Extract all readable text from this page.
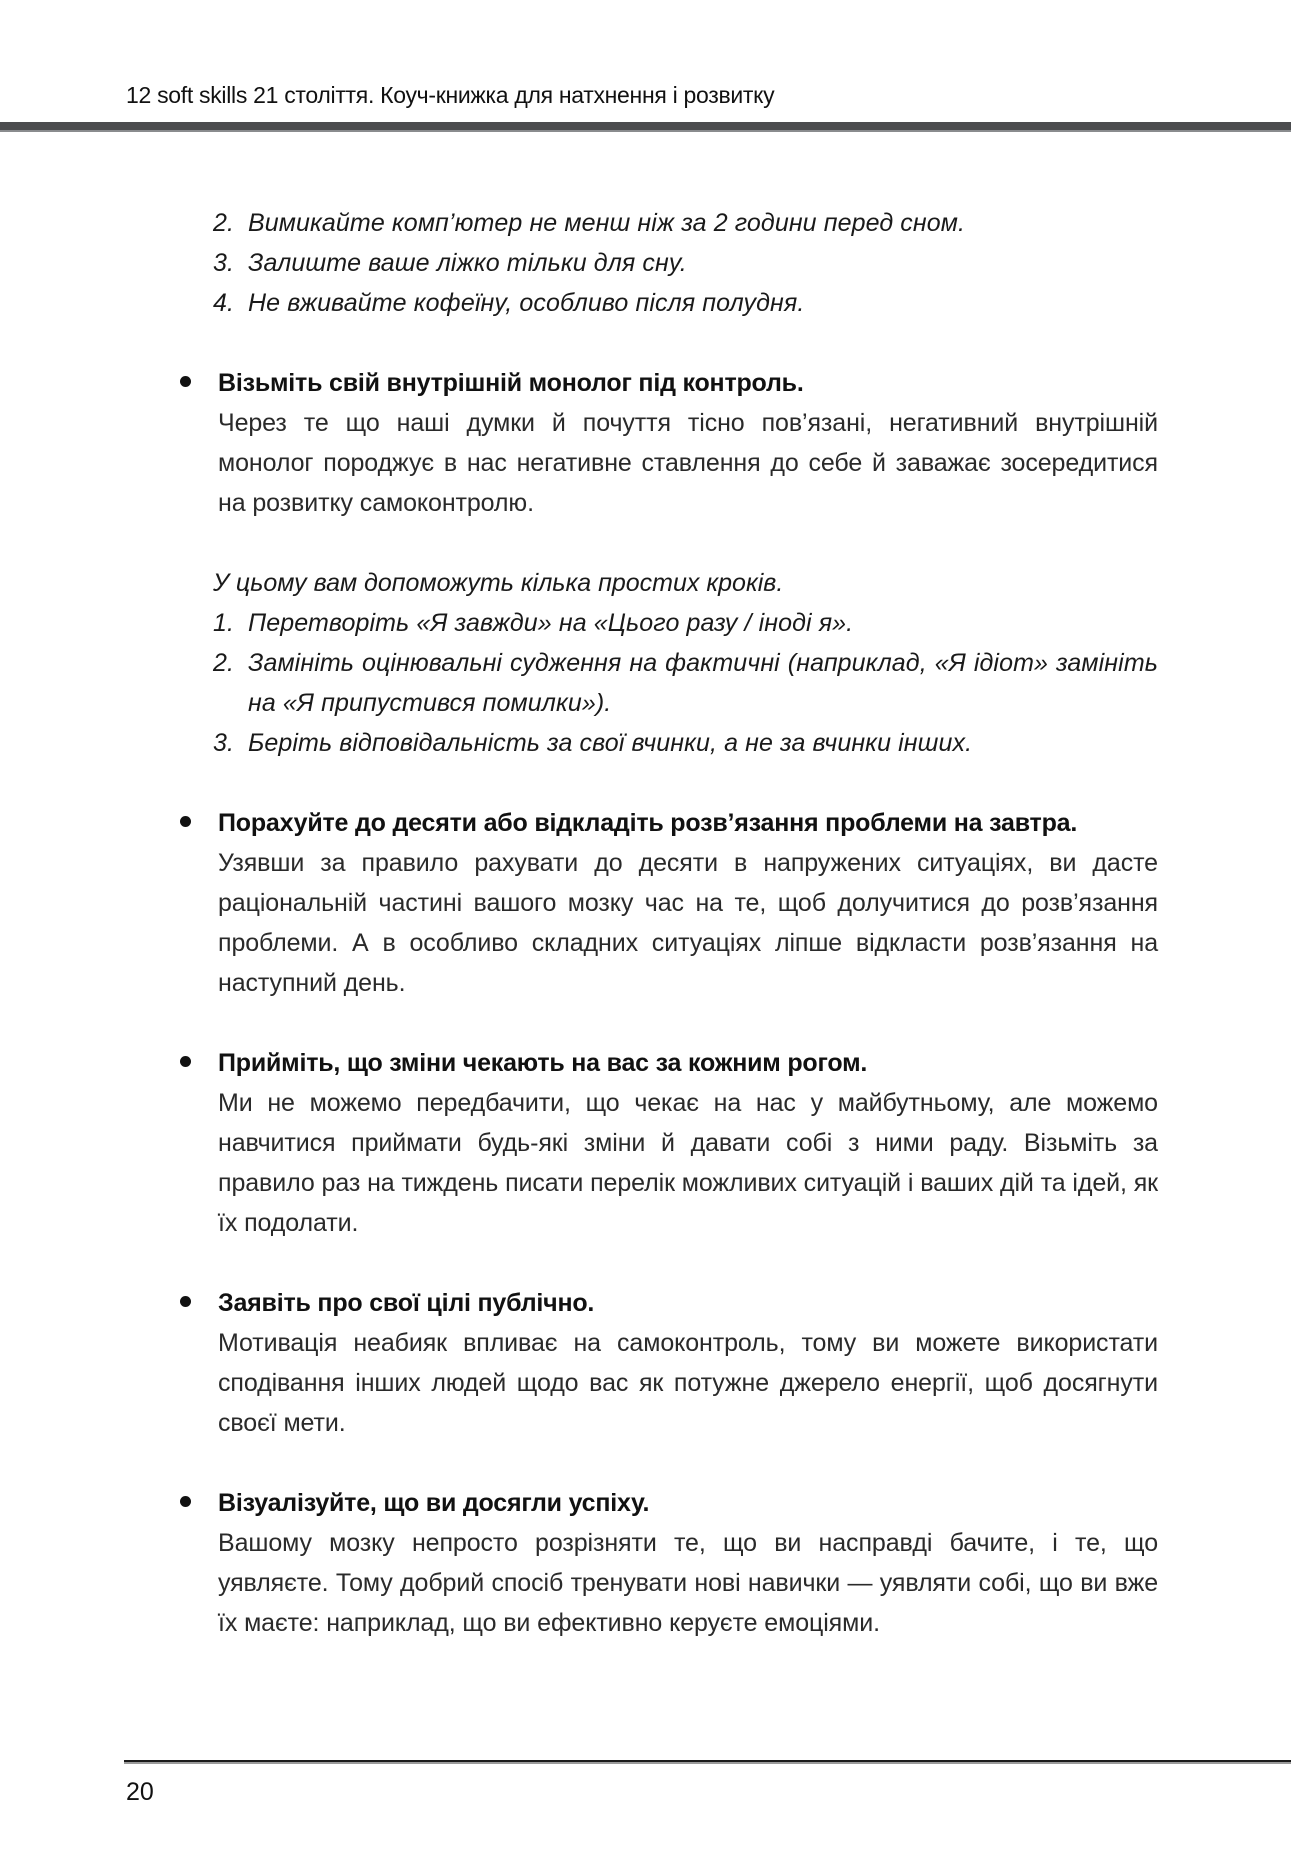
12 soft skills 21 століття. Коуч-книжка для натхнення і розвитку
2. Вимикайте комп’ютер не менш ніж за 2 години перед сном.
3. Залиште ваше ліжко тільки для сну.
4. Не вживайте кофеїну, особливо після полудня.

Візьміть свій внутрішній монолог під контроль.

Через те що наші думки й почуття тісно пов’язані, негативний внутрішній монолог породжує в нас негативне ставлення до себе й заважає зосередитися на розвитку самоконтролю.

У цьому вам допоможуть кілька простих кроків.

1. Перетворіть «Я завжди» на «Цього разу / іноді я».
2. Замініть оцінювальні судження на фактичні (наприклад, «Я ідіот» замініть на «Я припустився помилки»).
3. Беріть відповідальність за свої вчинки, а не за вчинки інших.

Порахуйте до десяти або відкладіть розв’язання проблеми на завтра.

Узявши за правило рахувати до десяти в напружених ситуаціях, ви дасте раціональній частині вашого мозку час на те, щоб долучитися до розв’язання проблеми. А в особливо складних ситуаціях ліпше відкласти розв’язання на наступний день.

Прийміть, що зміни чекають на вас за кожним рогом.

Ми не можемо передбачити, що чекає на нас у майбутньому, але можемо навчитися приймати будь-які зміни й давати собі з ними раду. Візьміть за правило раз на тиждень писати перелік можливих ситуацій і ваших дій та ідей, як їх подолати.

Заявіть про свої цілі публічно.

Мотивація неабияк впливає на самоконтроль, тому ви можете використати сподівання інших людей щодо вас як потужне джерело енергії, щоб досягнути своєї мети.

Візуалізуйте, що ви досягли успіху.

Вашому мозку непросто розрізняти те, що ви насправді бачите, і те, що уявляєте. Тому добрий спосіб тренувати нові навички — уявляти собі, що ви вже їх маєте: наприклад, що ви ефективно керуєте емоціями.

20
